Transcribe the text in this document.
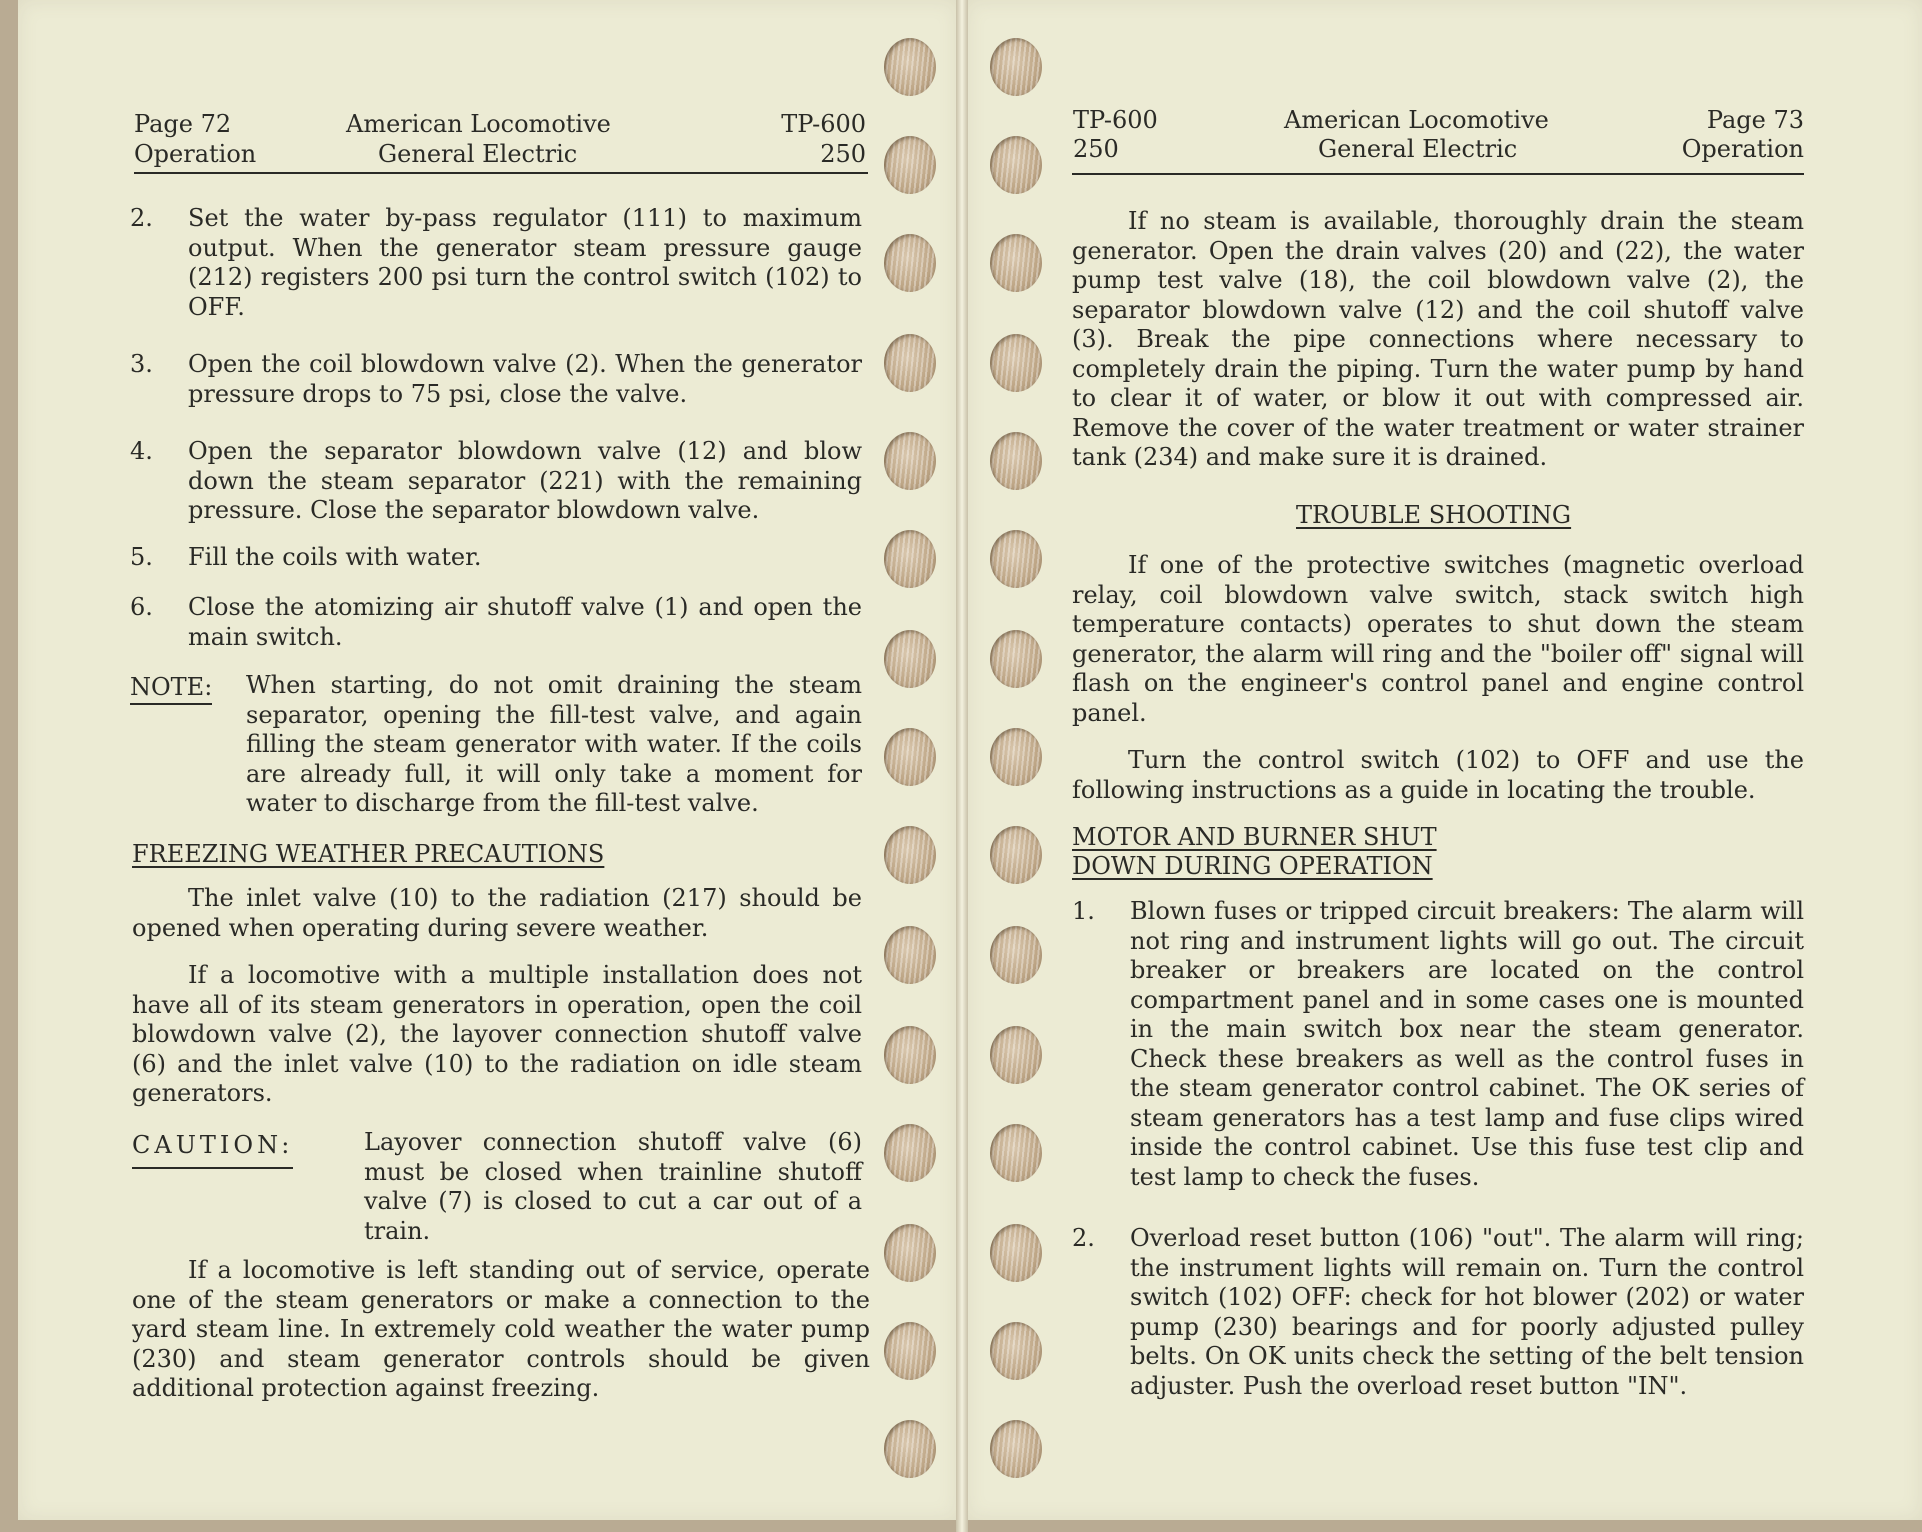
Page 72
Operation
American Locomotive
General Electric
TP-600
250
2. Set the water by-pass regulator (111) to maximum output. When the generator steam pressure gauge (212) registers 200 psi turn the control switch (102) to OFF.
3. Open the coil blowdown valve (2). When the generator pressure drops to 75 psi, close the valve.
4. Open the separator blowdown valve (12) and blow down the steam separator (221) with the remaining pressure. Close the separator blowdown valve.
5. Fill the coils with water.
6. Close the atomizing air shutoff valve (1) and open the main switch.
NOTE: When starting, do not omit draining the steam separator, opening the fill-test valve, and again filling the steam generator with water. If the coils are already full, it will only take a moment for water to discharge from the fill-test valve.
FREEZING WEATHER PRECAUTIONS
The inlet valve (10) to the radiation (217) should be opened when operating during severe weather.
If a locomotive with a multiple installation does not have all of its steam generators in operation, open the coil blowdown valve (2), the layover connection shutoff valve (6) and the inlet valve (10) to the radiation on idle steam generators.
CAUTION:	Layover connection shutoff valve (6) must be closed when trainline shutoff valve (7) is closed to cut a car out of a train.
If a locomotive is left standing out of service, operate one of the steam generators or make a connection to the yard steam line. In extremely cold weather the water pump (230) and steam generator controls should be given additional protection against freezing.
TP-600
250
American Locomotive
General Electric
Page 73
Operation
If no steam is available, thoroughly drain the steam generator. Open the drain valves (20) and (22), the water pump test valve (18), the coil blowdown valve (2), the separator blowdown valve (12) and the coil shutoff valve (3). Break the pipe connections where necessary to completely drain the piping. Turn the water pump by hand to clear it of water, or blow it out with compressed air. Remove the cover of the water treatment or water strainer tank (234) and make sure it is drained.
TROUBLE SHOOTING
If one of the protective switches (magnetic overload relay, coil blowdown valve switch, stack switch high temperature contacts) operates to shut down the steam generator, the alarm will ring and the "boiler off" signal will flash on the engineer's control panel and engine control panel.
Turn the control switch (102) to OFF and use the following instructions as a guide in locating the trouble.
MOTOR AND BURNER SHUT
DOWN DURING OPERATION
1. Blown fuses or tripped circuit breakers: The alarm will not ring and instrument lights will go out. The circuit breaker or breakers are located on the control compartment panel and in some cases one is mounted in the main switch box near the steam generator. Check these breakers as well as the control fuses in the steam generator control cabinet. The OK series of steam generators has a test lamp and fuse clips wired inside the control cabinet. Use this fuse test clip and test lamp to check the fuses.
2. Overload reset button (106) "out". The alarm will ring; the instrument lights will remain on. Turn the control switch (102) OFF: check for hot blower (202) or water pump (230) bearings and for poorly adjusted pulley belts. On OK units check the setting of the belt tension adjuster. Push the overload reset button "IN".
